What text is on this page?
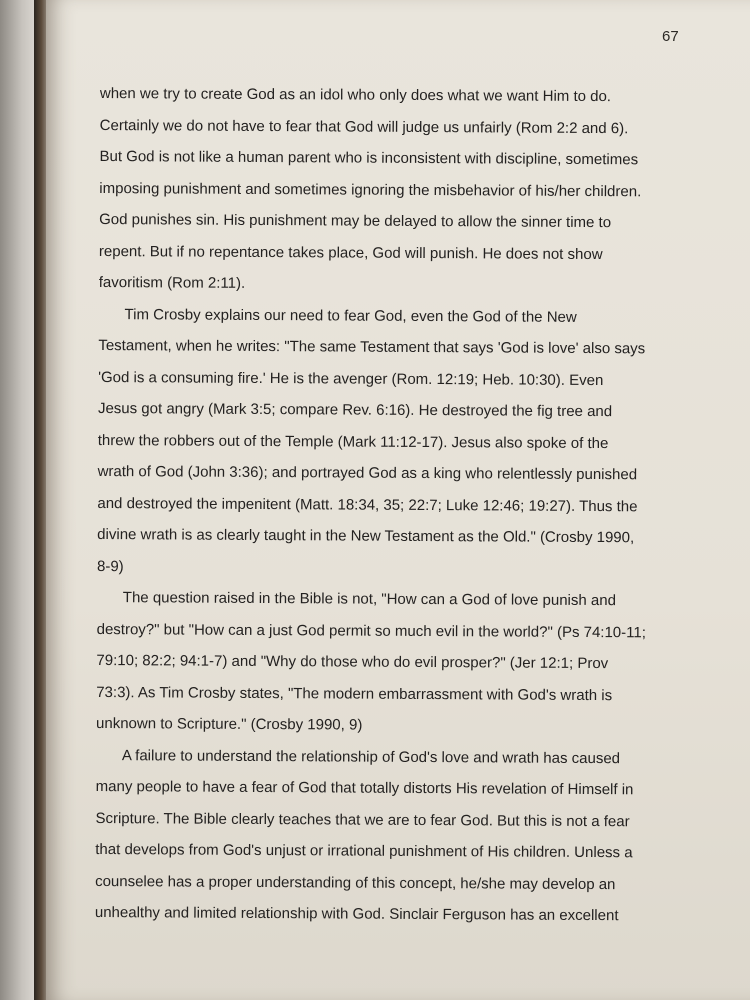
67
when we try to create God as an idol who only does what we want Him to do.
Certainly we do not have to fear that God will judge us unfairly (Rom 2:2 and 6).
But God is not like a human parent who is inconsistent with discipline, sometimes
imposing punishment and sometimes ignoring the misbehavior of his/her children.
God punishes sin. His punishment may be delayed to allow the sinner time to
repent. But if no repentance takes place, God will punish. He does not show
favoritism (Rom 2:11).
Tim Crosby explains our need to fear God, even the God of the New
Testament, when he writes: "The same Testament that says 'God is love' also says
'God is a consuming fire.' He is the avenger (Rom. 12:19; Heb. 10:30). Even
Jesus got angry (Mark 3:5; compare Rev. 6:16). He destroyed the fig tree and
threw the robbers out of the Temple (Mark 11:12-17). Jesus also spoke of the
wrath of God (John 3:36); and portrayed God as a king who relentlessly punished
and destroyed the impenitent (Matt. 18:34, 35; 22:7; Luke 12:46; 19:27). Thus the
divine wrath is as clearly taught in the New Testament as the Old." (Crosby 1990,
8-9)
The question raised in the Bible is not, "How can a God of love punish and
destroy?" but "How can a just God permit so much evil in the world?" (Ps 74:10-11;
79:10; 82:2; 94:1-7) and "Why do those who do evil prosper?" (Jer 12:1; Prov
73:3). As Tim Crosby states, "The modern embarrassment with God's wrath is
unknown to Scripture." (Crosby 1990, 9)
A failure to understand the relationship of God's love and wrath has caused
many people to have a fear of God that totally distorts His revelation of Himself in
Scripture. The Bible clearly teaches that we are to fear God. But this is not a fear
that develops from God's unjust or irrational punishment of His children. Unless a
counselee has a proper understanding of this concept, he/she may develop an
unhealthy and limited relationship with God. Sinclair Ferguson has an excellent
